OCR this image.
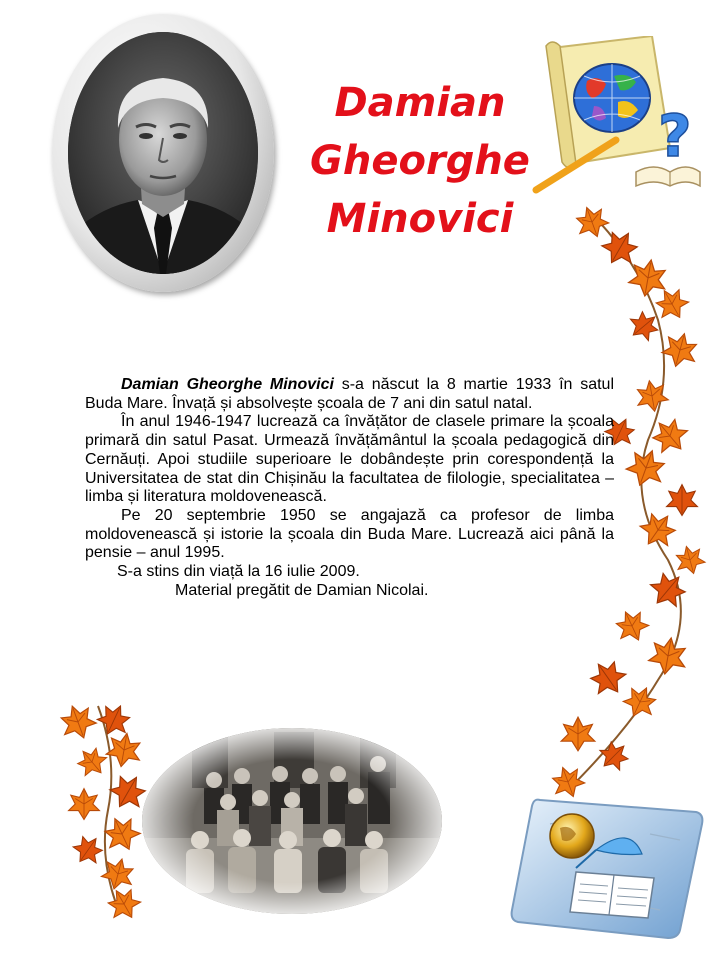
Damian
Gheorghe
Minovici
?

Damian Gheorghe Minovici s-a născut la 8 martie 1933 în satul Buda Mare. Învață și absolvește școala de 7 ani din satul natal.

În anul 1946-1947 lucrează ca învățător de clasele primare la școala primară din satul Pasat. Urmează învățământul la școala pedagogică din Cernăuți. Apoi studiile superioare le dobândește prin corespondență la Universitatea de stat din Chișinău la facultatea de filologie, specialitatea – limba și literatura moldovenească.

Pe 20 septembrie 1950 se angajază ca profesor de limba moldovenească și istorie la școala din Buda Mare. Lucrează aici până la pensie – anul 1995.

S-a stins din viață la 16 iulie 2009.

Material pregătit de Damian Nicolai.
